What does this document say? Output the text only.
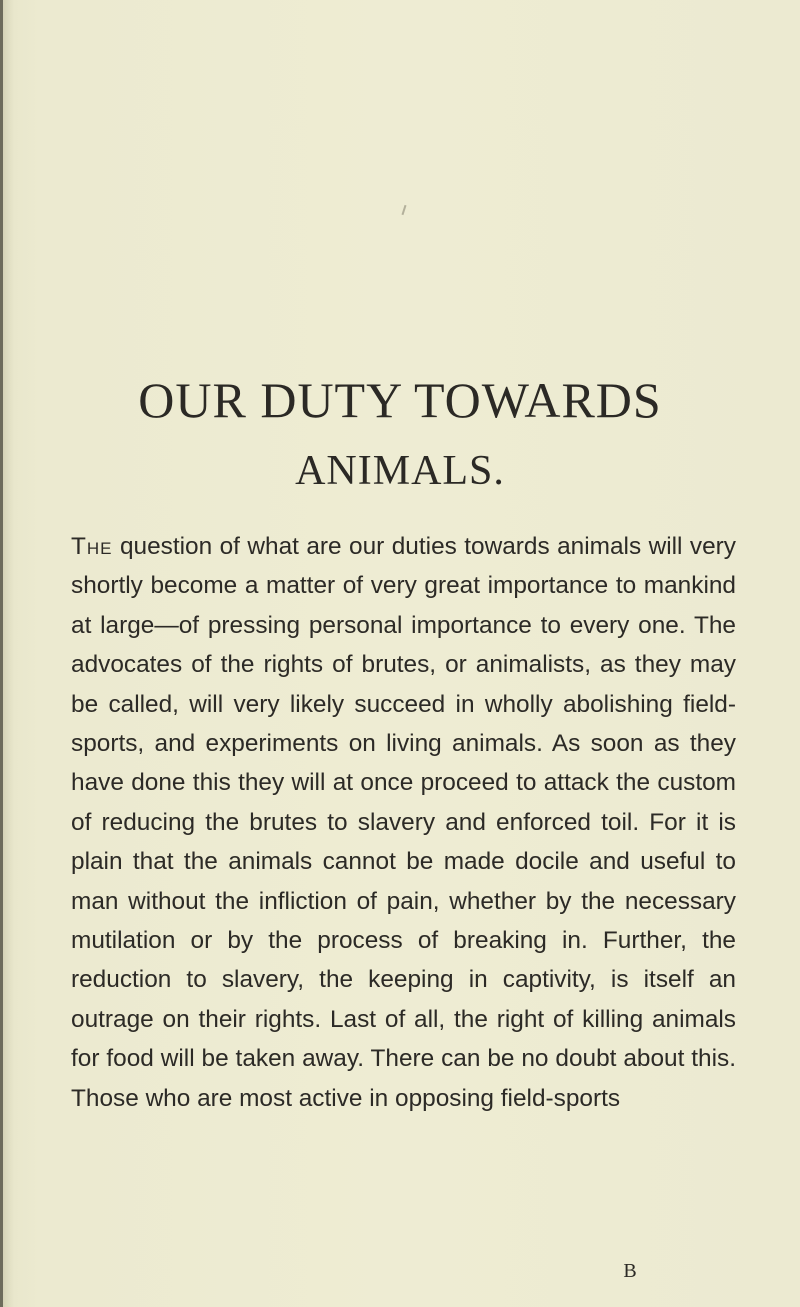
OUR DUTY TOWARDS
ANIMALS.

The question of what are our duties towards animals will very shortly become a matter of very great importance to mankind at large—of pressing personal importance to every one. The advocates of the rights of brutes, or animalists, as they may be called, will very likely succeed in wholly abolishing field-sports, and experiments on living animals. As soon as they have done this they will at once proceed to attack the custom of reducing the brutes to slavery and enforced toil. For it is plain that the animals cannot be made docile and useful to man without the infliction of pain, whether by the necessary mutilation or by the process of breaking in. Further, the reduction to slavery, the keeping in captivity, is itself an outrage on their rights. Last of all, the right of killing animals for food will be taken away. There can be no doubt about this. Those who are most active in opposing field-sports

B
